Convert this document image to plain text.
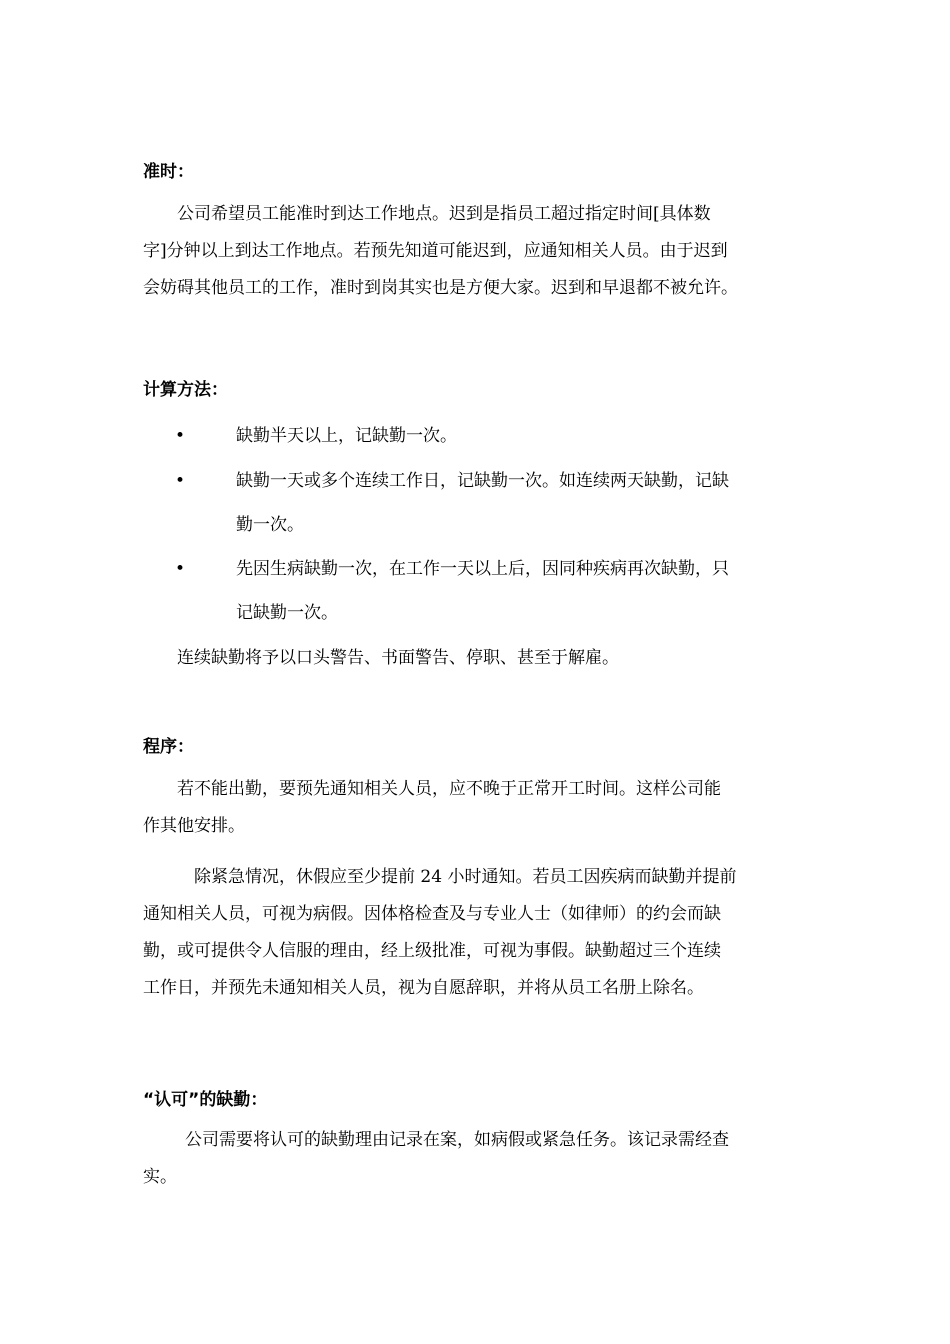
准时：
公司希望员工能准时到达工作地点。迟到是指员工超过指定时间[具体数
字]分钟以上到达工作地点。若预先知道可能迟到，应通知相关人员。由于迟到
会妨碍其他员工的工作，准时到岗其实也是方便大家。迟到和早退都不被允许。
计算方法：
•	缺勤半天以上，记缺勤一次。
•	缺勤一天或多个连续工作日，记缺勤一次。如连续两天缺勤，记缺
勤一次。
•	先因生病缺勤一次，在工作一天以上后，因同种疾病再次缺勤，只
记缺勤一次。
连续缺勤将予以口头警告、书面警告、停职、甚至于解雇。
程序：
若不能出勤，要预先通知相关人员，应不晚于正常开工时间。这样公司能
作其他安排。
除紧急情况，休假应至少提前 24 小时通知。若员工因疾病而缺勤并提前
通知相关人员，可视为病假。因体格检查及与专业人士（如律师）的约会而缺
勤，或可提供令人信服的理由，经上级批准，可视为事假。缺勤超过三个连续
工作日，并预先未通知相关人员，视为自愿辞职，并将从员工名册上除名。
“认可”的缺勤：
公司需要将认可的缺勤理由记录在案，如病假或紧急任务。该记录需经查
实。
